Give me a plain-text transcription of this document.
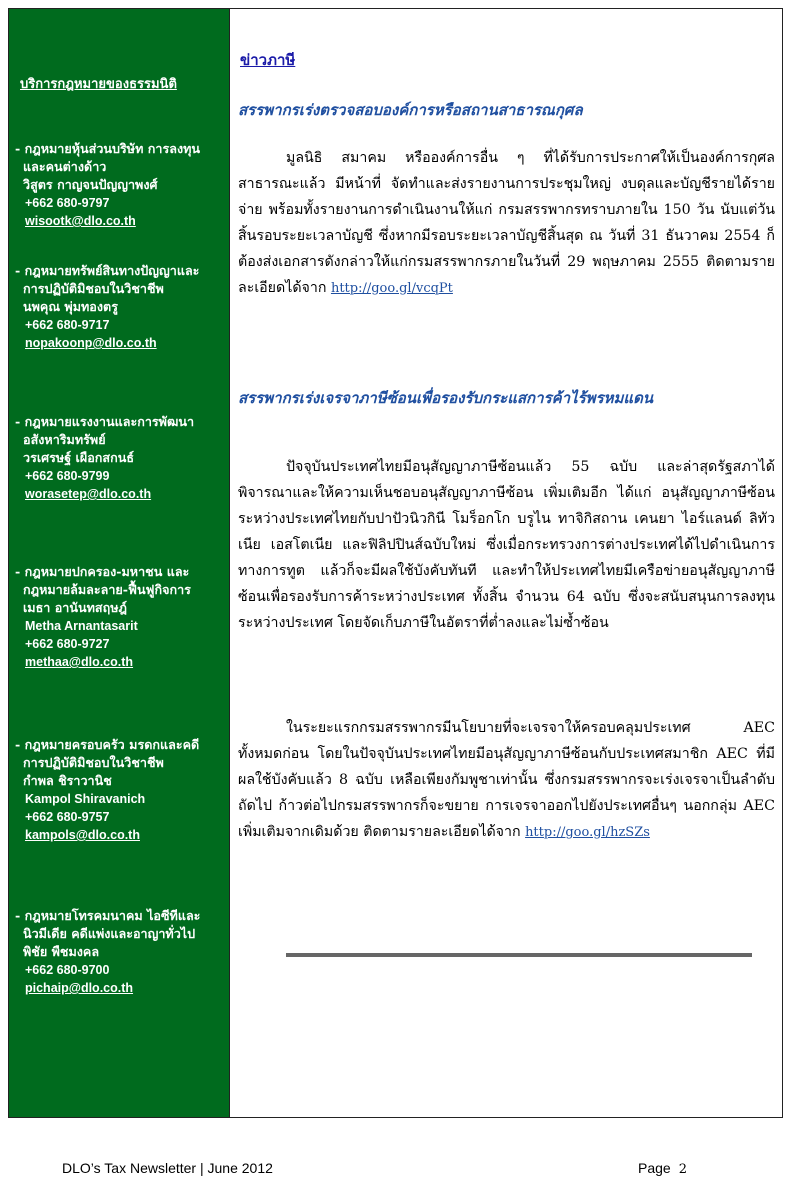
บริการกฎหมายของธรรมนิติ
- กฎหมายหุ้นส่วนบริษัท การลงทุน
และคนต่างด้าว
วิสูตร กาญจนปัญญาพงศ์
+662 680-9797
wisootk@dlo.co.th
- กฎหมายทรัพย์สินทางปัญญาและ
การปฏิบัติมิชอบในวิชาชีพ
นพคุณ พุ่มทองตรู
+662 680-9717
nopakoonp@dlo.co.th
- กฎหมายแรงงานและการพัฒนา
อสังหาริมทรัพย์
วรเศรษฐ์ เผือกสกนธ์
+662 680-9799
worasetep@dlo.co.th
- กฎหมายปกครอง-มหาชน และ
กฎหมายล้มละลาย-ฟื้นฟูกิจการ
เมธา อานันทสฤษฎ์
Metha Arnantasarit
+662 680-9727
methaa@dlo.co.th
- กฎหมายครอบครัว มรดกและคดี
การปฏิบัติมิชอบในวิชาชีพ
กำพล ชิราวานิช
Kampol Shiravanich
+662 680-9757
kampols@dlo.co.th
- กฎหมายโทรคมนาคม ไอซีทีและ
นิวมีเดีย คดีแพ่งและอาญาทั่วไป
พิชัย พืชมงคล
+662 680-9700
pichaip@dlo.co.th
ข่าวภาษี
สรรพากรเร่งตรวจสอบองค์การหรือสถานสาธารณกุศล
มูลนิธิ สมาคม หรือองค์การอื่น ๆ ที่ได้รับการประกาศให้เป็นองค์การกุศลสาธารณะแล้ว มีหน้าที่ จัดทำและส่งรายงานการประชุมใหญ่ งบดุลและบัญชีรายได้รายจ่าย พร้อมทั้งรายงานการดำเนินงานให้แก่ กรมสรรพากรทราบภายใน 150 วัน นับแต่วันสิ้นรอบระยะเวลาบัญชี ซึ่งหากมีรอบระยะเวลาบัญชีสิ้นสุด ณ วันที่ 31 ธันวาคม 2554 ก็ต้องส่งเอกสารดังกล่าวให้แก่กรมสรรพากรภายในวันที่ 29 พฤษภาคม 2555 ติดตามรายละเอียดได้จาก http://goo.gl/vcqPt
สรรพากรเร่งเจรจาภาษีซ้อนเพื่อรองรับกระแสการค้าไร้พรหมแดน
ปัจจุบันประเทศไทยมีอนุสัญญาภาษีซ้อนแล้ว 55 ฉบับ และล่าสุดรัฐสภาได้พิจารณาและให้ความเห็นชอบอนุสัญญาภาษีซ้อน เพิ่มเติมอีก ได้แก่ อนุสัญญาภาษีซ้อนระหว่างประเทศไทยกับปาปัวนิวกินี โมร็อกโก บรูไน ทาจิกิสถาน เคนยา ไอร์แลนด์ ลิทัวเนีย เอสโตเนีย และฟิลิปปินส์ฉบับใหม่ ซึ่งเมื่อกระทรวงการต่างประเทศได้ไปดำเนินการทางการทูต แล้วก็จะมีผลใช้บังคับทันที และทำให้ประเทศไทยมีเครือข่ายอนุสัญญาภาษีซ้อนเพื่อรองรับการค้าระหว่างประเทศ ทั้งสิ้น จำนวน 64 ฉบับ ซึ่งจะสนับสนุนการลงทุนระหว่างประเทศ โดยจัดเก็บภาษีในอัตราที่ต่ำลงและไม่ซ้ำซ้อน
ในระยะแรกกรมสรรพากรมีนโยบายที่จะเจรจาให้ครอบคลุมประเทศ AEC ทั้งหมดก่อน โดยในปัจจุบันประเทศไทยมีอนุสัญญาภาษีซ้อนกับประเทศสมาชิก AEC ที่มีผลใช้บังคับแล้ว 8 ฉบับ เหลือเพียงกัมพูชาเท่านั้น ซึ่งกรมสรรพากรจะเร่งเจรจาเป็นลำดับถัดไป ก้าวต่อไปกรมสรรพากรก็จะขยาย การเจรจาออกไปยังประเทศอื่นๆ นอกกลุ่ม AEC เพิ่มเติมจากเดิมด้วย ติดตามรายละเอียดได้จาก http://goo.gl/hzSZs
DLO’s Tax Newsletter | June 2012	Page 2
